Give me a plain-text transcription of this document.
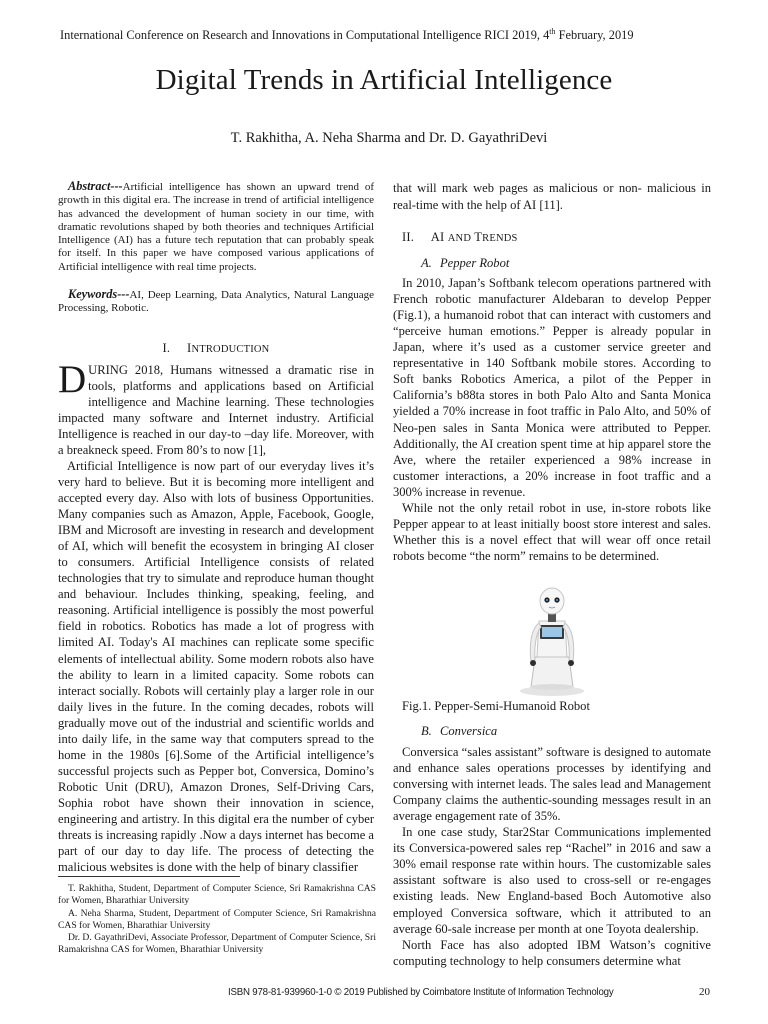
International Conference on Research and Innovations in Computational Intelligence RICI 2019, 4th February, 2019
Digital Trends in Artificial Intelligence
T. Rakhitha, A. Neha Sharma and Dr. D. GayathriDevi

Abstract---Artificial intelligence has shown an upward trend of growth in this digital era. The increase in trend of artificial intelligence has advanced the development of human society in our time, with dramatic revolutions shaped by both theories and techniques Artificial Intelligence (AI) has a future tech reputation that can probably speak for itself. In this paper we have composed various applications of Artificial intelligence with real time projects.

Keywords---AI, Deep Learning, Data Analytics, Natural Language Processing, Robotic.

I. INTRODUCTION

DURING 2018, Humans witnessed a dramatic rise in tools, platforms and applications based on Artificial intelligence and Machine learning. These technologies impacted many software and Internet industry. Artificial Intelligence is reached in our day-to –day life. Moreover, with a breakneck speed. From 80’s to now [1],

Artificial Intelligence is now part of our everyday lives it’s very hard to believe. But it is becoming more intelligent and accepted every day. Also with lots of business Opportunities. Many companies such as Amazon, Apple, Facebook, Google, IBM and Microsoft are investing in research and development of AI, which will benefit the ecosystem in bringing AI closer to consumers. Artificial Intelligence consists of related technologies that try to simulate and reproduce human thought and behaviour. Includes thinking, speaking, feeling, and reasoning. Artificial intelligence is possibly the most powerful field in robotics. Robotics has made a lot of progress with limited AI. Today's AI machines can replicate some specific elements of intellectual ability. Some modern robots also have the ability to learn in a limited capacity. Some robots can interact socially. Robots will certainly play a larger role in our daily lives in the future. In the coming decades, robots will gradually move out of the industrial and scientific worlds and into daily life, in the same way that computers spread to the home in the 1980s [6].Some of the Artificial intelligence’s successful projects such as Pepper bot, Conversica, Domino’s Robotic Unit (DRU), Amazon Drones, Self-Driving Cars, Sophia robot have shown their innovation in science, engineering and artistry. In this digital era the number of cyber threats is increasing rapidly .Now a days internet has become a part of our day to day life. The process of detecting the malicious websites is done with the help of binary classifier

that will mark web pages as malicious or non- malicious in real-time with the help of AI [11].

II. AI AND TRENDS

A. Pepper Robot

In 2010, Japan’s Softbank telecom operations partnered with French robotic manufacturer Aldebaran to develop Pepper (Fig.1), a humanoid robot that can interact with customers and “perceive human emotions.” Pepper is already popular in Japan, where it’s used as a customer service greeter and representative in 140 Softbank mobile stores. According to Soft banks Robotics America, a pilot of the Pepper in California’s b88ta stores in both Palo Alto and Santa Monica yielded a 70% increase in foot traffic in Palo Alto, and 50% of Neo-pen sales in Santa Monica were attributed to Pepper. Additionally, the AI creation spent time at hip apparel store the Ave, where the retailer experienced a 98% increase in customer interactions, a 20% increase in foot traffic and a 300% increase in revenue.

While not the only retail robot in use, in-store robots like Pepper appear to at least initially boost store interest and sales. Whether this is a novel effect that will wear off once retail robots become “the norm” remains to be determined.

Fig.1. Pepper-Semi-Humanoid Robot

B. Conversica

Conversica “sales assistant” software is designed to automate and enhance sales operations processes by identifying and conversing with internet leads. The sales lead and Management Company claims the authentic-sounding messages result in an average engagement rate of 35%.

In one case study, Star2Star Communications implemented its Conversica-powered sales rep “Rachel” in 2016 and saw a 30% email response rate within hours. The customizable sales assistant software is also used to cross-sell or re-engages existing leads. New England-based Boch Automotive also employed Conversica software, which it attributed to an average 60-sale increase per month at one Toyota dealership.

North Face has also adopted IBM Watson’s cognitive computing technology to help consumers determine what

T. Rakhitha, Student, Department of Computer Science, Sri Ramakrishna CAS for Women, Bharathiar University

A. Neha Sharma, Student, Department of Computer Science, Sri Ramakrishna CAS for Women, Bharathiar University

Dr. D. GayathriDevi, Associate Professor, Department of Computer Science, Sri Ramakrishna CAS for Women, Bharathiar University

ISBN 978-81-939960-1-0 © 2019 Published by Coimbatore Institute of Information Technology	20
